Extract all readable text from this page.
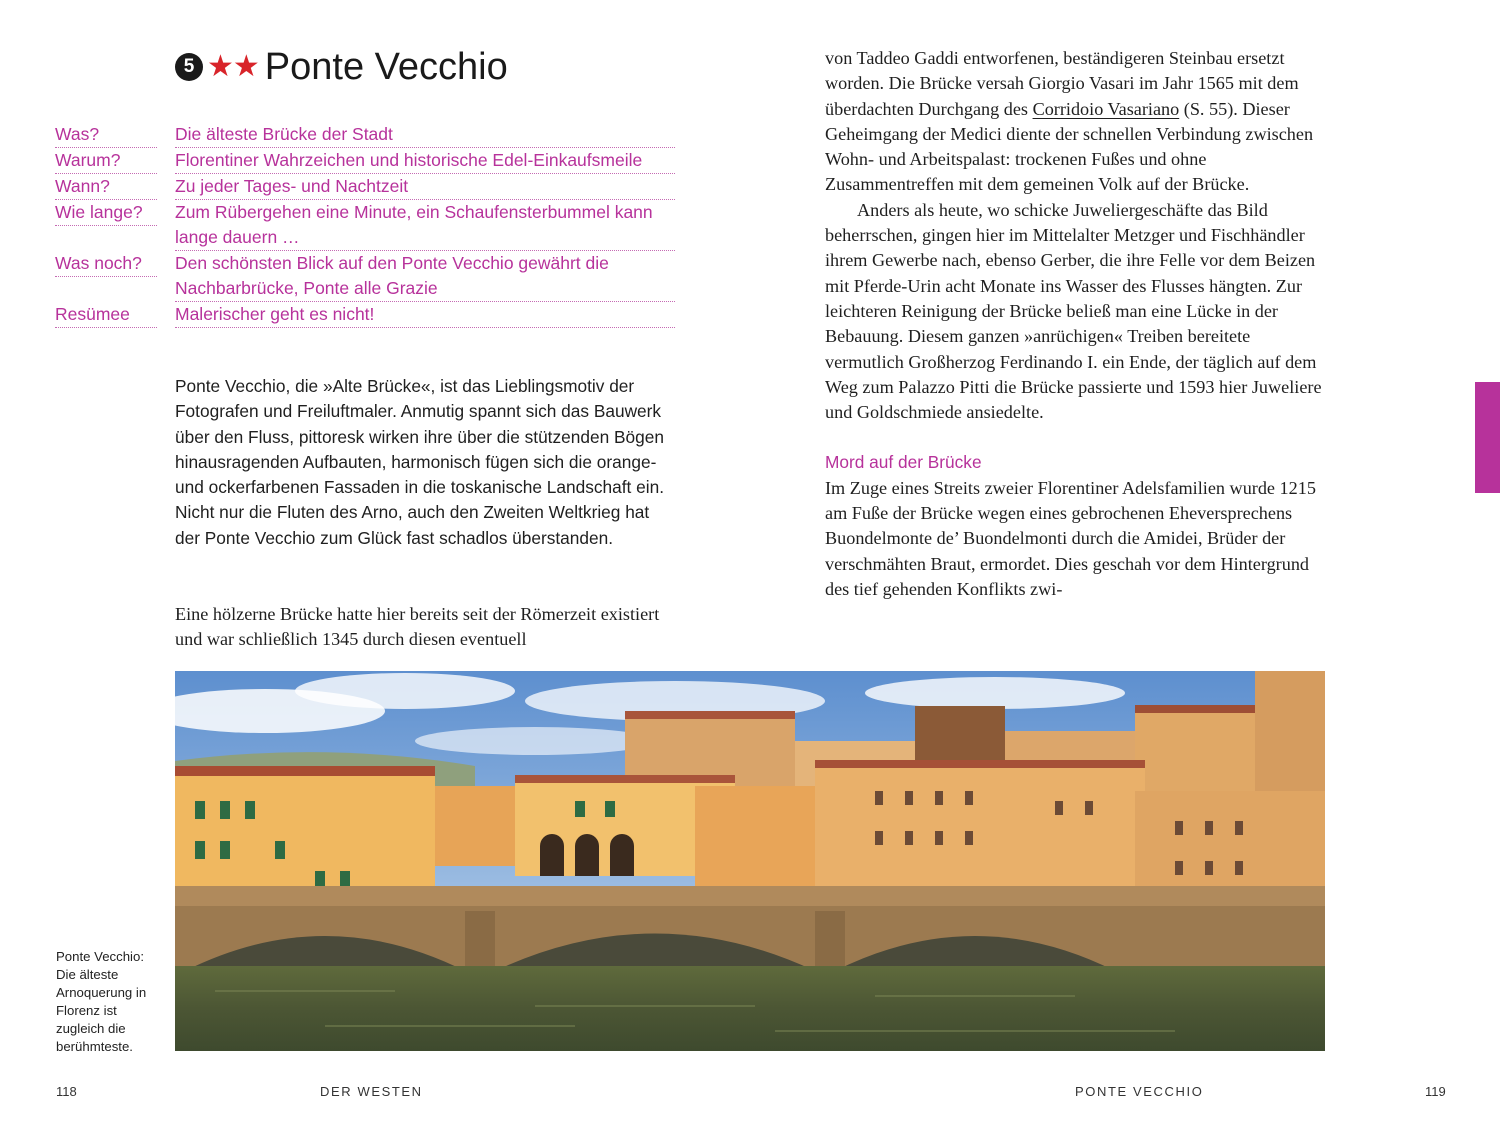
5 ★★ Ponte Vecchio
Was?	Die älteste Brücke der Stadt
Warum?	Florentiner Wahrzeichen und historische Edel-Einkaufsmeile
Wann?	Zu jeder Tages- und Nachtzeit
Wie lange?	Zum Rübergehen eine Minute, ein Schaufensterbummel kann lange dauern …
Was noch?	Den schönsten Blick auf den Ponte Vecchio gewährt die Nachbarbrücke, Ponte alle Grazie
Resümee	Malerischer geht es nicht!
Ponte Vecchio, die »Alte Brücke«, ist das Lieblingsmotiv der Fotografen und Freiluftmaler. Anmutig spannt sich das Bauwerk über den Fluss, pittoresk wirken ihre über die stützenden Bögen hinausragenden Aufbauten, harmonisch fügen sich die orange- und ockerfarbenen Fassaden in die toskanische Landschaft ein. Nicht nur die Fluten des Arno, auch den Zweiten Weltkrieg hat der Ponte Vecchio zum Glück fast schadlos überstanden.
Eine hölzerne Brücke hatte hier bereits seit der Römerzeit existiert und war schließlich 1345 durch diesen eventuell

von Taddeo Gaddi entworfenen, beständigeren Steinbau ersetzt worden. Die Brücke versah Giorgio Vasari im Jahr 1565 mit dem überdachten Durchgang des Corridoio Vasariano (S. 55). Dieser Geheimgang der Medici diente der schnellen Verbindung zwischen Wohn- und Arbeitspalast: trockenen Fußes und ohne Zusammentreffen mit dem gemeinen Volk auf der Brücke.

Anders als heute, wo schicke Juweliergeschäfte das Bild beherrschen, gingen hier im Mittelalter Metzger und Fischhändler ihrem Gewerbe nach, ebenso Gerber, die ihre Felle vor dem Beizen mit Pferde-Urin acht Monate ins Wasser des Flusses hängten. Zur leichteren Reinigung der Brücke beließ man eine Lücke in der Bebauung. Diesem ganzen »anrüchigen« Treiben bereitete vermutlich Großherzog Ferdinando I. ein Ende, der täglich auf dem Weg zum Palazzo Pitti die Brücke passierte und 1593 hier Juweliere und Goldschmiede ansiedelte.

Mord auf der Brücke

Im Zuge eines Streits zweier Florentiner Adelsfamilien wurde 1215 am Fuße der Brücke wegen eines gebrochenen Eheversprechens Buondelmonte de’ Buondelmonti durch die Amidei, Brüder der verschmähten Braut, ermordet. Dies geschah vor dem Hintergrund des tief gehenden Konflikts zwi-

Ponte Vecchio: Die älteste Arnoquerung in Florenz ist zugleich die berühmteste.
118	DER WESTEN	PONTE VECCHIO	119
